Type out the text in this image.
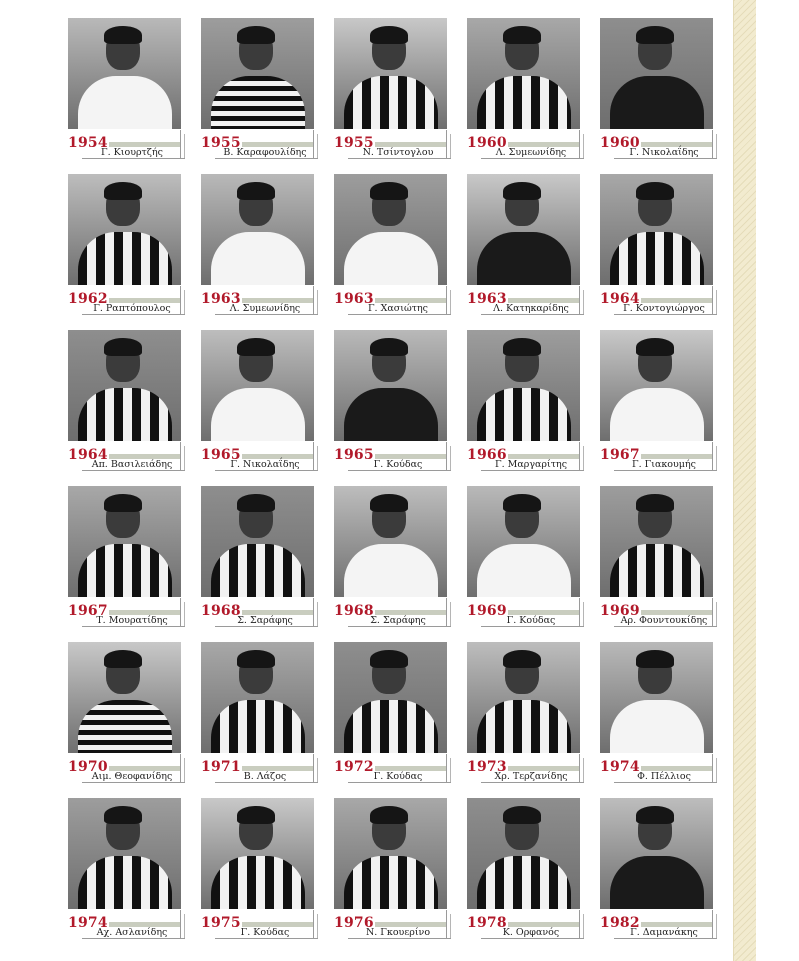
1954
Γ. Κιουρτζής
1955
Β. Καραφουλίδης
1955
Ν. Τσίντογλου
1960
Λ. Συμεωνίδης
1960
Γ. Νικολαΐδης
1962
Γ. Ραπτόπουλος
1963
Λ. Συμεωνίδης
1963
Γ. Χασιώτης
1963
Λ. Κατηκαρίδης
1964
Γ. Κοντογιώργος
1964
Απ. Βασιλειάδης
1965
Γ. Νικολαΐδης
1965
Γ. Κούδας
1966
Γ. Μαργαρίτης
1967
Γ. Γιακουμής
1967
Τ. Μουρατίδης
1968
Σ. Σαράφης
1968
Σ. Σαράφης
1969
Γ. Κούδας
1969
Αρ. Φουντουκίδης
1970
Αιμ. Θεοφανίδης
1971
Β. Λάζος
1972
Γ. Κούδας
1973
Χρ. Τερζανίδης
1974
Φ. Πέλλιος
1974
Αχ. Ασλανίδης
1975
Γ. Κούδας
1976
Ν. Γκουερίνο
1978
Κ. Ορφανός
1982
Γ. Δαμανάκης
